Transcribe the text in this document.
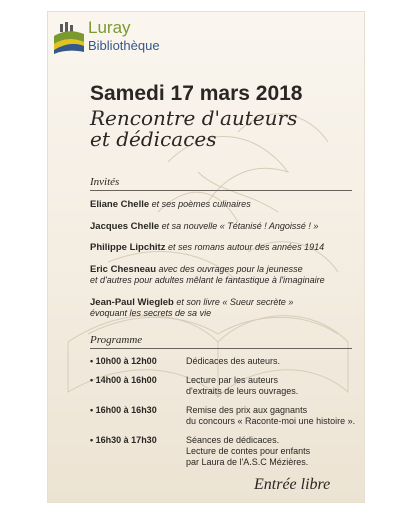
Luray
Bibliothèque
Samedi 17 mars 2018
Rencontre d'auteurs
et dédicaces
Invités
Eliane Chelle et ses poèmes culinaires
Jacques Chelle et sa nouvelle « Tétanisé ! Angoissé ! »
Philippe Lipchitz et ses romans autour des années 1914
Eric Chesneau avec des ouvrages pour la jeunesse
et d'autres pour adultes mêlant le fantastique à l'imaginaire
Jean-Paul Wiegleb et son livre « Sueur secrète »
évoquant les secrets de sa vie
Programme
• 10h00 à 12h00	Dédicaces des auteurs.
• 14h00 à 16h00	Lecture par les auteurs
d'extraits de leurs ouvrages.
• 16h00 à 16h30	Remise des prix aux gagnants
du concours « Raconte-moi une histoire ».
• 16h30 à 17h30	Séances de dédicaces.
Lecture de contes pour enfants
par Laura de l'A.S.C Mézières.
Entrée libre
